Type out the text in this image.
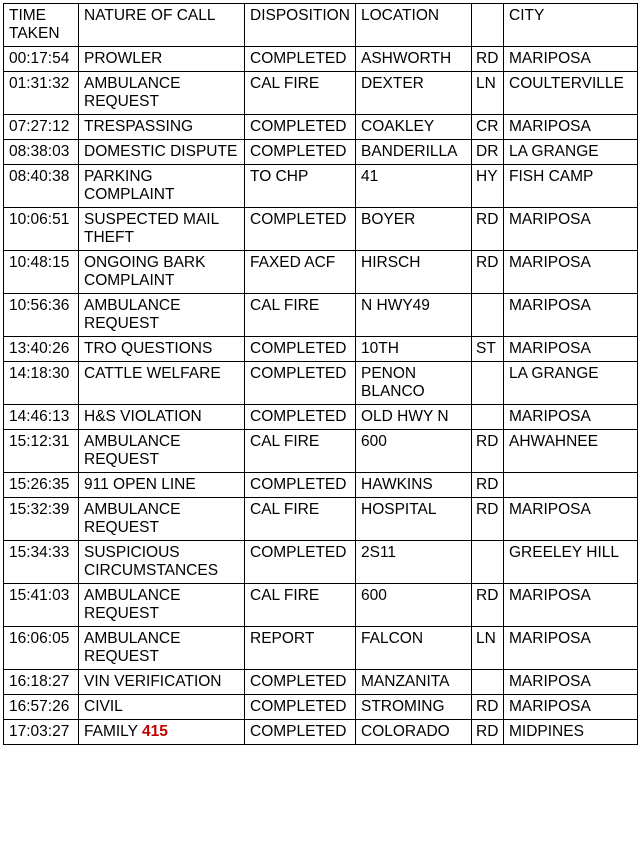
TIME TAKEN	NATURE OF CALL	DISPOSITION	LOCATION		CITY
00:17:54	PROWLER	COMPLETED	ASHWORTH	RD	MARIPOSA
01:31:32	AMBULANCE REQUEST	CAL FIRE	DEXTER	LN	COULTERVILLE
07:27:12	TRESPASSING	COMPLETED	COAKLEY	CR	MARIPOSA
08:38:03	DOMESTIC DISPUTE	COMPLETED	BANDERILLA	DR	LA GRANGE
08:40:38	PARKING COMPLAINT	TO CHP	41	HY	FISH CAMP
10:06:51	SUSPECTED MAIL THEFT	COMPLETED	BOYER	RD	MARIPOSA
10:48:15	ONGOING BARK COMPLAINT	FAXED ACF	HIRSCH	RD	MARIPOSA
10:56:36	AMBULANCE REQUEST	CAL FIRE	N HWY49		MARIPOSA
13:40:26	TRO QUESTIONS	COMPLETED	10TH	ST	MARIPOSA
14:18:30	CATTLE WELFARE	COMPLETED	PENON BLANCO		LA GRANGE
14:46:13	H&S VIOLATION	COMPLETED	OLD HWY N		MARIPOSA
15:12:31	AMBULANCE REQUEST	CAL FIRE	600	RD	AHWAHNEE
15:26:35	911 OPEN LINE	COMPLETED	HAWKINS	RD	
15:32:39	AMBULANCE REQUEST	CAL FIRE	HOSPITAL	RD	MARIPOSA
15:34:33	SUSPICIOUS CIRCUMSTANCES	COMPLETED	2S11		GREELEY HILL
15:41:03	AMBULANCE REQUEST	CAL FIRE	600	RD	MARIPOSA
16:06:05	AMBULANCE REQUEST	REPORT	FALCON	LN	MARIPOSA
16:18:27	VIN VERIFICATION	COMPLETED	MANZANITA		MARIPOSA
16:57:26	CIVIL	COMPLETED	STROMING	RD	MARIPOSA
17:03:27	FAMILY 415	COMPLETED	COLORADO	RD	MIDPINES
